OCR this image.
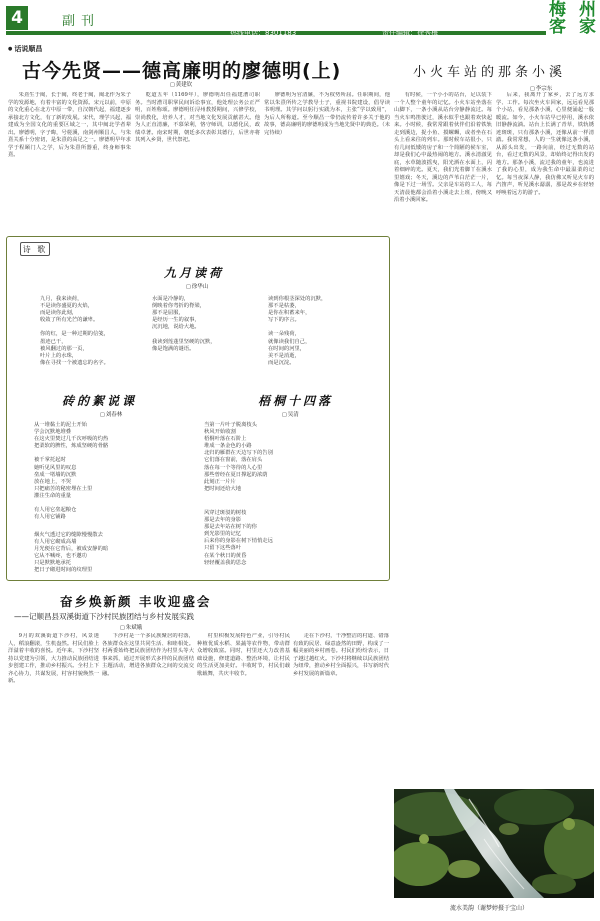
4	副刊
热线电话：8301183	责任编辑：徐秀梅
梅 州
客 家
● 话说顺昌
古今先贤——德高廉明的廖德明(上)
□ 黄建钦

朱熹生于闽，长于闽，终老于闽，闽北作为朱子学的发源地，有着丰富的文化资源。宋元以前，中原的文化重心在北方中原一带，自汉朝代起，福建逐步承接北方文化，有了新的发展。宋代，理学兴起，福建成为全国文化的重要区域之一，其中闽北学者辈出。廖德明，字子晦，号槎溪，南剑州顺昌人，与朱熹关系十分密切，是朱熹的高足之一。廖德明早年求学于程颐门人之学，后为朱熹所器重，终身师事朱熹。

乾道五年（1169年），廖德明出任福建漕司职务。当时漕司职掌民间诉讼事宜，他处理公务公正严明，百姓称颂。廖德明任浔州教授期间，兴修学校，崇尚教化，培养人才，对当地文化发展贡献甚大。他为人正直清廉，不慕荣利，恪守师训，以德化民，政绩卓著。南宋时期，朝廷多次表彰其德行，后世亦将其列入乡贤，世代祭祀。

廖德明为官清廉，不为权势所屈。任职期间，他常以朱熹所传之学教导士子，重视书院建设，倡导读书明理。其学问以躬行实践为本，主张“学以致用”，为后人所称道。至今顺昌一带仍流传着许多关于他的故事，德高廉明的廖德明成为当地先贤中的典范。（未完待续）

小火车站的那条小溪
□ 李宗东

有时候，一个小小的站台，足以装下一个人整个童年的记忆。小火车站坐落在山脚下，一条小溪从站台旁静静流过。每当火车鸣笛驶过，溪水似乎也跟着欢快起来。小时候，我常常跟着伙伴们沿着铁轨走到溪边，捉小鱼、摸螺蛳，或者坐在石头上看来往的列车。那时候车站很小，只有几间低矮的房子和一个简陋的候车室，却是我们心中最热闹的地方。溪水清澈见底，水草随波摇曳，阳光洒在水面上，闪着细碎的光。夏天，我们光着脚丫在溪水里嬉戏；冬天，溪边的芦苇白茫茫一片，像是下过一场雪。父亲是车站的工人，每天清晨他都会沿着小溪走去上班，傍晚又沿着小溪回家。

后来，我离开了家乡，去了远方求学、工作。每次坐火车回家，远远看见那个小站，看见那条小溪，心里便涌起一股暖流。如今，小火车站早已停用，溪水依旧静静流淌。站台上长满了青草，铁轨锈迹斑斑，只有那条小溪，还像从前一样清澈。我常常想，人的一生就像这条小溪，从源头出发，一路向前，经过无数的站台，看过无数的风景，却始终记得出发的地方。那条小溪，流过我的童年，也流进了我的心里，成为我生命中最温柔的记忆。每当夜深人静，我仿佛又听见火车的汽笛声，听见溪水潺潺，那是故乡在轻轻呼唤着远方的游子。

诗 歌
九月读荷
□ 徐华山
九月，我来读荷，
不是读你盛夏的火焰，
而是读你此刻，
收敛了所有光芒的谦卑。

你的红，是一种过期的信笺，
墨迹已干，
被风翻过的那一页，
叶片上的水珠，
像在寻找一个被遗忘的名字。
水面是冷静的，
倒映着你弯折的脊梁，
那不是屈服，
是经历一生的叙事，
沉沉地，说给大地。

我读到莲蓬里坚硬的沉默，
像是饱满的谜语。
读到你根茎深处的沉默，
那不是枯萎，
是你在积蓄来年，
写下的序言。

读一朵残荷，
就像读我们自己，
在时间的河里，
美不是消逝，
而是沉淀。
砖的絮说课
□ 刘春林
从一堆黏土的泥土开始
学会沉默地堆叠
在这火里焚过几千次呼吸的灼热
把柔软的脾性，炼成坚硬的骨骼

被千掌托起时
她听见风里的叹息
垒成一堵墙的沉默
放在地上，不哭
只把痛苦的秘密埋在土里
灌注生命的重量

有人用它垒起粮仓
有人用它铺路
烟火气透过它的缝隙慢慢散去
有人用它砌成高墙
月光便在它背后，被成安静的暗
它从不喊疼，也不邀功
只是默默地承托
把日子砌进时间的纹理里
梧桐十四落
□ 吴清
当第一片叶子脱离枝头
秋风开始收割
梧桐叶落在石阶上
堆成一条金色的小路
北归的雁群在天边写下的告别
它们落在窗前，落在肩头
落在每一个等待的人心里
那些曾经在夏日撑起的浓荫
此刻正一片片
把时间还给大地
风穿过斑驳的树枝
那是去年的身影
那是去年站在树下的你
到光影里的记忆
后来你的身影在树下悄悄走远
只留下这些落叶
在某个秋日的黄昏
轻轻覆盖我的思念
奋乡焕新颜 丰收迎盛会
——记顺昌县双溪街道下沙村民族团结与乡村发展实践
□ 朱斌娥

9月的双溪街道下沙村，风景迷人，稻浪翻滚，生机盎然。村民们脸上洋溢着丰收的喜悦。近年来，下沙村坚持以党建为引领，大力推动民族团结进步创建工作，推动乡村振兴。全村上下齐心协力，共谋发展，村容村貌焕然一新。

下沙村是一个多民族聚居的村落，各族群众在这里共同生活、和睦相处。村两委始终把民族团结作为村里头等大事来抓，通过开展形式多样的民族团结主题活动，增进各族群众之间的交流交融。

村里积极发展特色产业，引导村民种植优质水稻、果蔬等农作物，带动群众增收致富。同时，村里还大力改善基础设施，修建道路、整治环境，让村民的生活更加美好。丰收时节，村民们载歌载舞，共庆丰收节。

走在下沙村，干净整洁的村道、错落有致的民居、绿意盎然的田野，构成了一幅美丽的乡村画卷。村民们纷纷表示，日子越过越红火。下沙村将继续以民族团结为纽带，推动乡村全面振兴，书写新时代乡村发展的新篇章。

流水美韵（谢梦婷摄于宝山）
